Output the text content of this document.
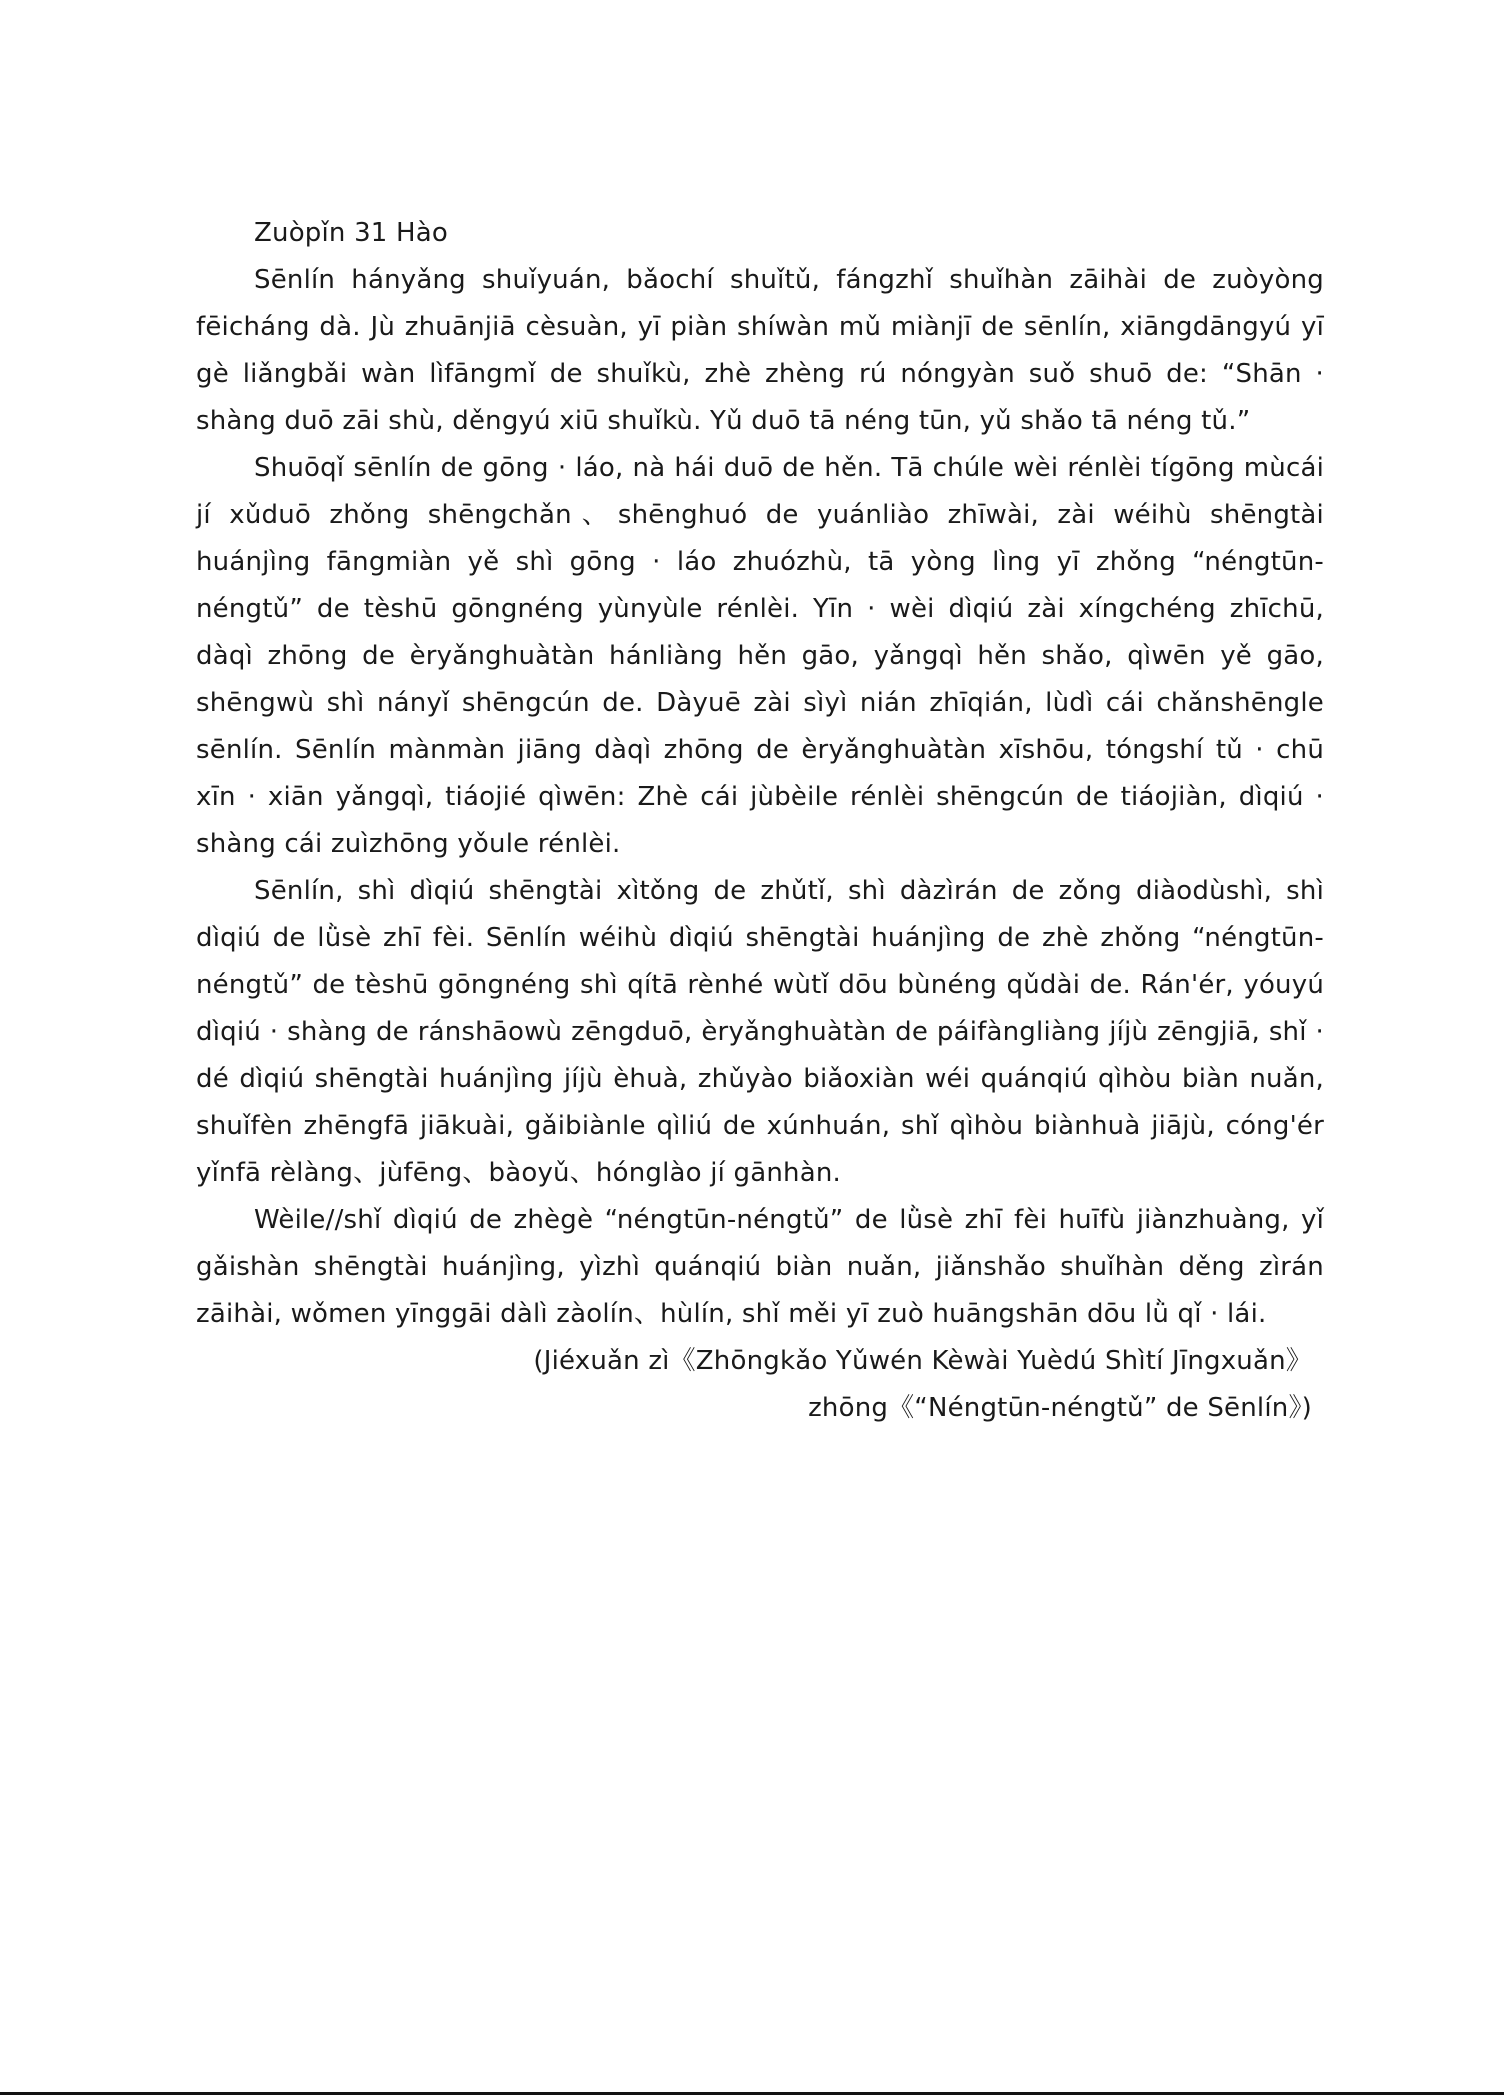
Zuòpǐn 31 Hào

Sēnlín hányǎng shuǐyuán, bǎochí shuǐtǔ, fángzhǐ shuǐhàn zāihài de zuòyòng fēicháng dà. Jù zhuānjiā cèsuàn, yī piàn shíwàn mǔ miànjī de sēnlín, xiāngdāngyú yī gè liǎngbǎi wàn lìfāngmǐ de shuǐkù, zhè zhèng rú nóngyàn suǒ shuō de: “Shān · shàng duō zāi shù, děngyú xiū shuǐkù. Yǔ duō tā néng tūn, yǔ shǎo tā néng tǔ.”

Shuōqǐ sēnlín de gōng · láo, nà hái duō de hěn. Tā chúle wèi rénlèi tígōng mùcái jí xǔduō zhǒng shēngchǎn、shēnghuó de yuánliào zhīwài, zài wéihù shēngtài huánjìng fāngmiàn yě shì gōng · láo zhuózhù, tā yòng lìng yī zhǒng “néngtūn-néngtǔ” de tèshū gōngnéng yùnyùle rénlèi. Yīn · wèi dìqiú zài xíngchéng zhīchū, dàqì zhōng de èryǎnghuàtàn hánliàng hěn gāo, yǎngqì hěn shǎo, qìwēn yě gāo, shēngwù shì nányǐ shēngcún de. Dàyuē zài sìyì nián zhīqián, lùdì cái chǎnshēngle sēnlín. Sēnlín mànmàn jiāng dàqì zhōng de èryǎnghuàtàn xīshōu, tóngshí tǔ · chū xīn · xiān yǎngqì, tiáojié qìwēn: Zhè cái jùbèile rénlèi shēngcún de tiáojiàn, dìqiú · shàng cái zuìzhōng yǒule rénlèi.

Sēnlín, shì dìqiú shēngtài xìtǒng de zhǔtǐ, shì dàzìrán de zǒng diàodùshì, shì dìqiú de lǜsè zhī fèi. Sēnlín wéihù dìqiú shēngtài huánjìng de zhè zhǒng “néngtūn-néngtǔ” de tèshū gōngnéng shì qítā rènhé wùtǐ dōu bùnéng qǔdài de. Rán'ér, yóuyú dìqiú · shàng de ránshāowù zēngduō, èryǎnghuàtàn de páifàngliàng jíjù zēngjiā, shǐ · dé dìqiú shēngtài huánjìng jíjù èhuà, zhǔyào biǎoxiàn wéi quánqiú qìhòu biàn nuǎn, shuǐfèn zhēngfā jiākuài, gǎibiànle qìliú de xúnhuán, shǐ qìhòu biànhuà jiājù, cóng'ér yǐnfā rèlàng、jùfēng、bàoyǔ、hónglào jí gānhàn.

Wèile//shǐ dìqiú de zhègè “néngtūn-néngtǔ” de lǜsè zhī fèi huīfù jiànzhuàng, yǐ gǎishàn shēngtài huánjìng, yìzhì quánqiú biàn nuǎn, jiǎnshǎo shuǐhàn děng zìrán zāihài, wǒmen yīnggāi dàlì zàolín、hùlín, shǐ měi yī zuò huāngshān dōu lǜ qǐ · lái.

(Jiéxuǎn zì《Zhōngkǎo Yǔwén Kèwài Yuèdú Shìtí Jīngxuǎn》
zhōng《“Néngtūn-néngtǔ” de Sēnlín》)
